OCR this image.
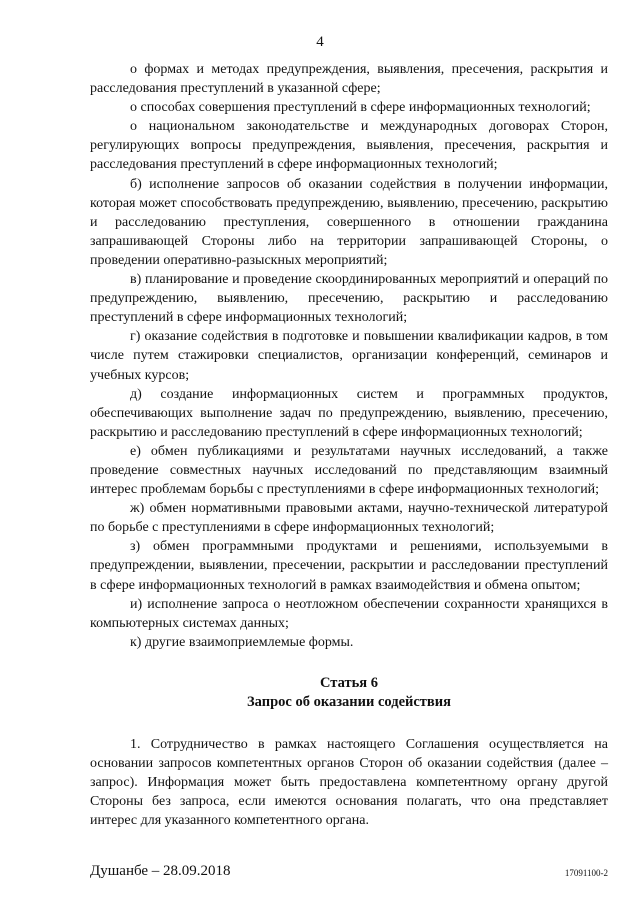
4

о формах и методах предупреждения, выявления, пресечения, раскрытия и расследования преступлений в указанной сфере;

о способах совершения преступлений в сфере информационных технологий;

о национальном законодательстве и международных договорах Сторон, регулирующих вопросы предупреждения, выявления, пресечения, раскрытия и расследования преступлений в сфере информационных технологий;

б) исполнение запросов об оказании содействия в получении информации, которая может способствовать предупреждению, выявлению, пресечению, раскрытию и расследованию преступления, совершенного в отношении гражданина запрашивающей Стороны либо на территории запрашивающей Стороны, о проведении оперативно-разыскных мероприятий;

в) планирование и проведение скоординированных мероприятий и операций по предупреждению, выявлению, пресечению, раскрытию и расследованию преступлений в сфере информационных технологий;

г) оказание содействия в подготовке и повышении квалификации кадров, в том числе путем стажировки специалистов, организации конференций, семинаров и учебных курсов;

д) создание информационных систем и программных продуктов, обеспечивающих выполнение задач по предупреждению, выявлению, пресечению, раскрытию и расследованию преступлений в сфере информационных технологий;

е) обмен публикациями и результатами научных исследований, а также проведение совместных научных исследований по представляющим взаимный интерес проблемам борьбы с преступлениями в сфере информационных технологий;

ж) обмен нормативными правовыми актами, научно-технической литературой по борьбе с преступлениями в сфере информационных технологий;

з) обмен программными продуктами и решениями, используемыми в предупреждении, выявлении, пресечении, раскрытии и расследовании преступлений в сфере информационных технологий в рамках взаимодействия и обмена опытом;

и) исполнение запроса о неотложном обеспечении сохранности хранящихся в компьютерных системах данных;

к) другие взаимоприемлемые формы.

Статья 6

Запрос об оказании содействия

1. Сотрудничество в рамках настоящего Соглашения осуществляется на основании запросов компетентных органов Сторон об оказании содействия (далее – запрос). Информация может быть предоставлена компетентному органу другой Стороны без запроса, если имеются основания полагать, что она представляет интерес для указанного компетентного органа.

Душанбе – 28.09.2018	17091100-2
